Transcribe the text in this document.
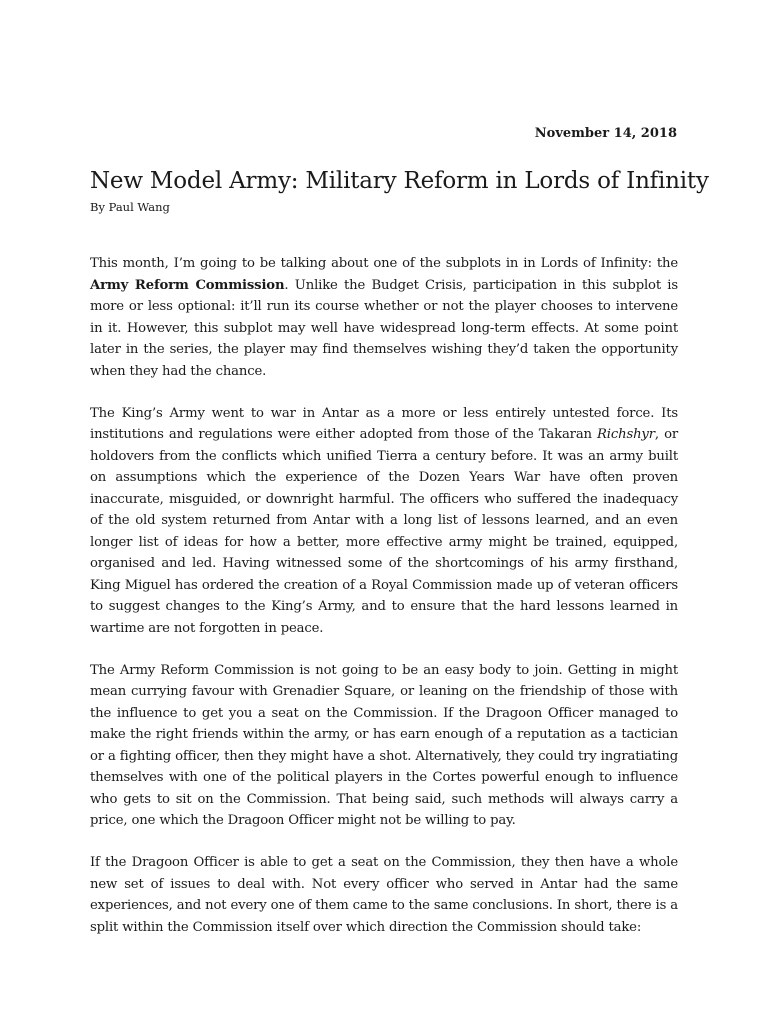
November 14, 2018

New Model Army: Military Reform in Lords of Infinity

By Paul Wang

This month, I’m going to be talking about one of the subplots in in Lords of Infinity: the Army Reform Commission. Unlike the Budget Crisis, participation in this subplot is more or less optional: it’ll run its course whether or not the player chooses to intervene in it. However, this subplot may well have widespread long-term effects. At some point later in the series, the player may find themselves wishing they’d taken the opportunity when they had the chance.

The King’s Army went to war in Antar as a more or less entirely untested force. Its institutions and regulations were either adopted from those of the Takaran Richshyr, or holdovers from the conflicts which unified Tierra a century before. It was an army built on assumptions which the experience of the Dozen Years War have often proven inaccurate, misguided, or downright harmful. The officers who suffered the inadequacy of the old system returned from Antar with a long list of lessons learned, and an even longer list of ideas for how a better, more effective army might be trained, equipped, organised and led. Having witnessed some of the shortcomings of his army firsthand, King Miguel has ordered the creation of a Royal Commission made up of veteran officers to suggest changes to the King’s Army, and to ensure that the hard lessons learned in wartime are not forgotten in peace.

The Army Reform Commission is not going to be an easy body to join. Getting in might mean currying favour with Grenadier Square, or leaning on the friendship of those with the influence to get you a seat on the Commission. If the Dragoon Officer managed to make the right friends within the army, or has earn enough of a reputation as a tactician or a fighting officer, then they might have a shot. Alternatively, they could try ingratiating themselves with one of the political players in the Cortes powerful enough to influence who gets to sit on the Commission. That being said, such methods will always carry a price, one which the Dragoon Officer might not be willing to pay.

If the Dragoon Officer is able to get a seat on the Commission, they then have a whole new set of issues to deal with. Not every officer who served in Antar had the same experiences, and not every one of them came to the same conclusions. In short, there is a split within the Commission itself over which direction the Commission should take:
